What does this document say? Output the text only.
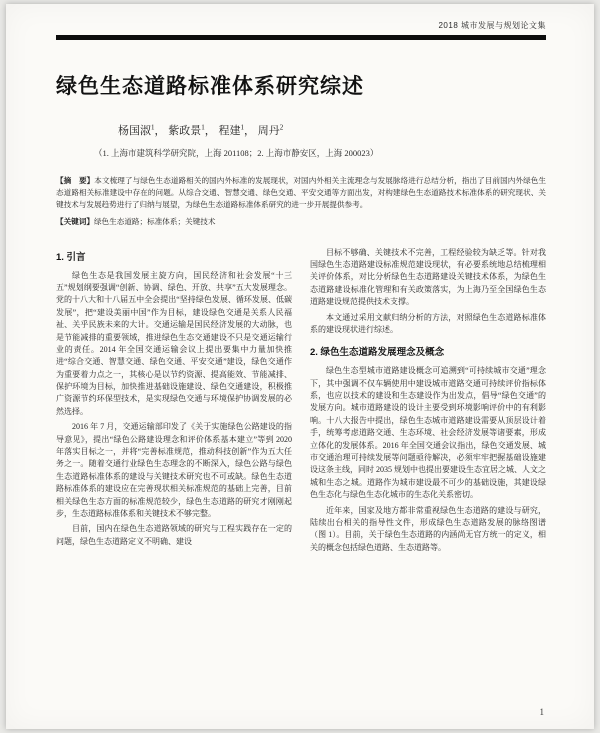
2018 城市发展与规划论文集
绿色生态道路标准体系研究综述
杨国淑$^1$， 紫政景$^1$， 程建$^1$， 周丹$^2$
（1. 上海市建筑科学研究院，上海 201108；2. 上海市静安区，上海 200023）
【摘　要】本文梳理了与绿色生态道路相关的国内外标准的发展现状，对国内外相关主流理念与发展脉络进行总结分析，指出了目前国内外绿色生态道路相关标准建设中存在的问题。从综合交通、智慧交通、绿色交通、平安交通等方面出发，对构建绿色生态道路技术标准体系的研究现状、关键技术与发展趋势进行了归纳与展望，为绿色生态道路标准体系研究的进一步开展提供参考。
【关键词】绿色生态道路；标准体系；关键技术
1. 引言

绿色生态是我国发展主旋方向，国民经济和社会发展“十三五”规划纲要强调“创新、协调、绿色、开放、共享”五大发展理念。党的十八大和十八届五中全会提出“坚持绿色发展、循环发展、低碳发展”，把“建设美丽中国”作为目标，建设绿色交通是关系人民福祉、关乎民族未来的大计。交通运输是国民经济发展的大动脉，也是节能减排的重要领域，推进绿色生态交通建设不只是交通运输行业的责任。2014 年全国交通运输会议上提出要集中力量加快推进“综合交通、智慧交通、绿色交通、平安交通”建设，绿色交通作为重要着力点之一，其核心是以节约资源、提高能效、节能减排、保护环境为目标，加快推进基础设施建设、绿色交通建设，积极推广资源节约环保型技术，是实现绿色交通与环境保护协调发展的必然选择。

2016 年 7 月，交通运输部印发了《关于实施绿色公路建设的指导意见》，提出“绿色公路建设理念和评价体系基本建立”等到 2020 年落实目标之一，并将“完善标准规范，推动科技创新”作为五大任务之一。随着交通行业绿色生态理念的不断深入，绿色公路与绿色生态道路标准体系的建设与关键技术研究也不可或缺。绿色生态道路标准体系的建设应在完善现状相关标准规范的基础上完善，目前相关绿色生态方面的标准规范较少，绿色生态道路的研究才刚刚起步，生态道路标准体系和关键技术不够完整。

目前，国内在绿色生态道路领域的研究与工程实践存在一定的问题，绿色生态道路定义不明确、建设

目标不够确、关键技术不完善，工程经验较为缺乏等。针对我国绿色生态道路建设标准规范建设现状，有必要系统地总结梳理相关评价体系，对比分析绿色生态道路建设关键技术体系，为绿色生态道路建设标准化管理和有关政策落实，为上海乃至全国绿色生态道路建设规范提供技术支撑。

本文通过采用文献归纳分析的方法，对照绿色生态道路标准体系的建设现状进行综述。

2. 绿色生态道路发展理念及概念

绿色生态型城市道路建设概念可追溯到“可持续城市交通”理念下，其中强调不仅车辆使用中建设城市道路交通可持续评价指标体系，也应以技术的建设和生态建设作为出发点，倡导“绿色交通”的发展方向。城市道路建设的设计主要受到环境影响评价中的有利影响。十八大报告中提出，绿色生态城市道路建设需要从顶层设计着手，统筹考虑道路交通、生态环境、社会经济发展等诸要素，形成立体化的发展体系。2016 年全国交通会议指出，绿色交通发展、城市交通治理可持续发展等问题亟待解决，必须牢牢把握基础设施建设这条主线，同时 2035 规划中也提出要建设生态宜居之城、人文之城和生态之城。道路作为城市建设最不可少的基础设施，其建设绿色生态化与绿色生态化城市的生态化关系密切。

近年来，国家及地方都非常重视绿色生态道路的建设与研究，陆续出台相关的指导性文件，形成绿色生态道路发展的脉络图谱（图 1）。目前，关于绿色生态道路的内涵尚无官方统一的定义，相关的概念包括绿色道路、生态道路等。

1
